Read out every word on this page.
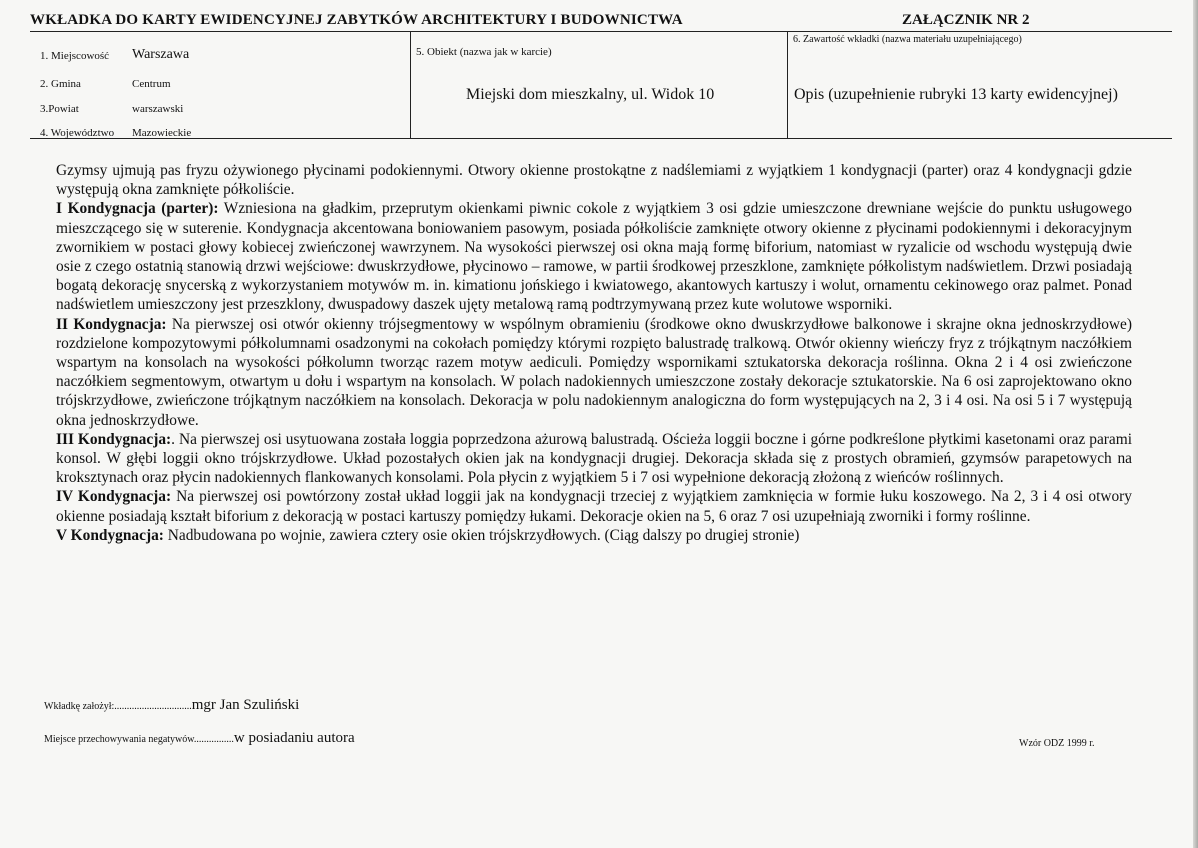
WKŁADKA DO KARTY EWIDENCYJNEJ ZABYTKÓW ARCHITEKTURY I BUDOWNICTWA	ZAŁĄCZNIK NR 2
1. Miejscowość Warszawa
2. Gmina	Centrum
3.Powiat	warszawski
4. Województwo Mazowieckie
5. Obiekt (nazwa jak w karcie)
Miejski dom mieszkalny, ul. Widok 10
6. Zawartość wkładki (nazwa materiału uzupełniającego)
Opis (uzupełnienie rubryki 13 karty ewidencyjnej)

Gzymsy ujmują pas fryzu ożywionego płycinami podokiennymi. Otwory okienne prostokątne z nadślemiami z wyjątkiem 1 kondygnacji (parter) oraz 4 kondygnacji gdzie występują okna zamknięte półkoliście.

I Kondygnacja (parter): Wzniesiona na gładkim, przeprutym okienkami piwnic cokole z wyjątkiem 3 osi gdzie umieszczone drewniane wejście do punktu usługowego mieszczącego się w suterenie. Kondygnacja akcentowana boniowaniem pasowym, posiada półkoliście zamknięte otwory okienne z płycinami podokiennymi i dekoracyjnym zwornikiem w postaci głowy kobiecej zwieńczonej wawrzynem. Na wysokości pierwszej osi okna mają formę biforium, natomiast w ryzalicie od wschodu występują dwie osie z czego ostatnią stanowią drzwi wejściowe: dwuskrzydłowe, płycinowo – ramowe, w partii środkowej przeszklone, zamknięte półkolistym nadświetlem. Drzwi posiadają bogatą dekorację snycerską z wykorzystaniem motywów m. in. kimationu jońskiego i kwiatowego, akantowych kartuszy i wolut, ornamentu cekinowego oraz palmet. Ponad nadświetlem umieszczony jest przeszklony, dwuspadowy daszek ujęty metalową ramą podtrzymywaną przez kute wolutowe wsporniki.

II Kondygnacja: Na pierwszej osi otwór okienny trójsegmentowy w wspólnym obramieniu (środkowe okno dwuskrzydłowe balkonowe i skrajne okna jednoskrzydłowe) rozdzielone kompozytowymi półkolumnami osadzonymi na cokołach pomiędzy którymi rozpięto balustradę tralkową. Otwór okienny wieńczy fryz z trójkątnym naczółkiem wspartym na konsolach na wysokości półkolumn tworząc razem motyw aediculi. Pomiędzy wspornikami sztukatorska dekoracja roślinna. Okna 2 i 4 osi zwieńczone naczółkiem segmentowym, otwartym u dołu i wspartym na konsolach. W polach nadokiennych umieszczone zostały dekoracje sztukatorskie. Na 6 osi zaprojektowano okno trójskrzydłowe, zwieńczone trójkątnym naczółkiem na konsolach. Dekoracja w polu nadokiennym analogiczna do form występujących na 2, 3 i 4 osi. Na osi 5 i 7 występują okna jednoskrzydłowe.

III Kondygnacja:. Na pierwszej osi usytuowana została loggia poprzedzona ażurową balustradą. Ościeża loggii boczne i górne podkreślone płytkimi kasetonami oraz parami konsol. W głębi loggii okno trójskrzydłowe. Układ pozostałych okien jak na kondygnacji drugiej. Dekoracja składa się z prostych obramień, gzymsów parapetowych na kroksztynach oraz płycin nadokiennych flankowanych konsolami. Pola płycin z wyjątkiem 5 i 7 osi wypełnione dekoracją złożoną z wieńców roślinnych.

IV Kondygnacja: Na pierwszej osi powtórzony został układ loggii jak na kondygnacji trzeciej z wyjątkiem zamknięcia w formie łuku koszowego. Na 2, 3 i 4 osi otwory okienne posiadają kształt biforium z dekoracją w postaci kartuszy pomiędzy łukami. Dekoracje okien na 5, 6 oraz 7 osi uzupełniają zworniki i formy roślinne.

V Kondygnacja: Nadbudowana po wojnie, zawiera cztery osie okien trójskrzydłowych. (Ciąg dalszy po drugiej stronie)

Wkładkę założył:...............................mgr Jan Szuliński
Miejsce przechowywania negatywów................w posiadaniu autora	Wzór ODZ 1999 r.
